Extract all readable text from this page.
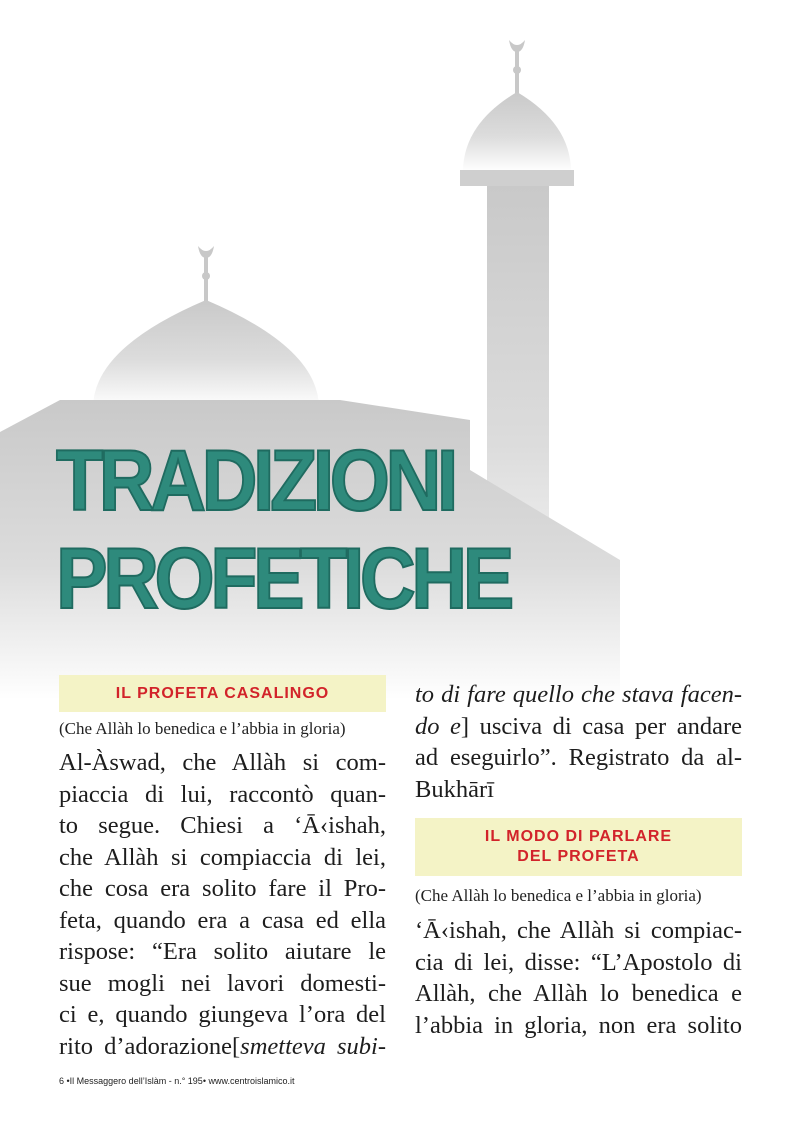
TRADIZIONI
PROFETICHE
IL PROFETA CASALINGO
(Che Allàh lo benedica e l’abbia in gloria)
Al-Àswad, che Allàh si com-
piaccia di lui, raccontò quan-
to segue. Chiesi a ‘Ā‹ishah,
che Allàh si compiaccia di lei,
che cosa era solito fare il Pro-
feta, quando era a casa ed ella
rispose: “Era solito aiutare le
sue mogli nei lavori domesti-
ci e, quando giungeva l’ora del
rito d’adorazione[smetteva subi-
to di fare quello che stava facen-
do e] usciva di casa per andare
ad eseguirlo”. Registrato da al-
Bukhārī
IL MODO DI PARLARE
DEL PROFETA
(Che Allàh lo benedica e l’abbia in gloria)
‘Ā‹ishah, che Allàh si compiac-
cia di lei, disse: “L’Apostolo di
Allàh, che Allàh lo benedica e
l’abbia in gloria, non era solito
6 •Il Messaggero dell’Islàm - n.° 195• www.centroislamico.it
